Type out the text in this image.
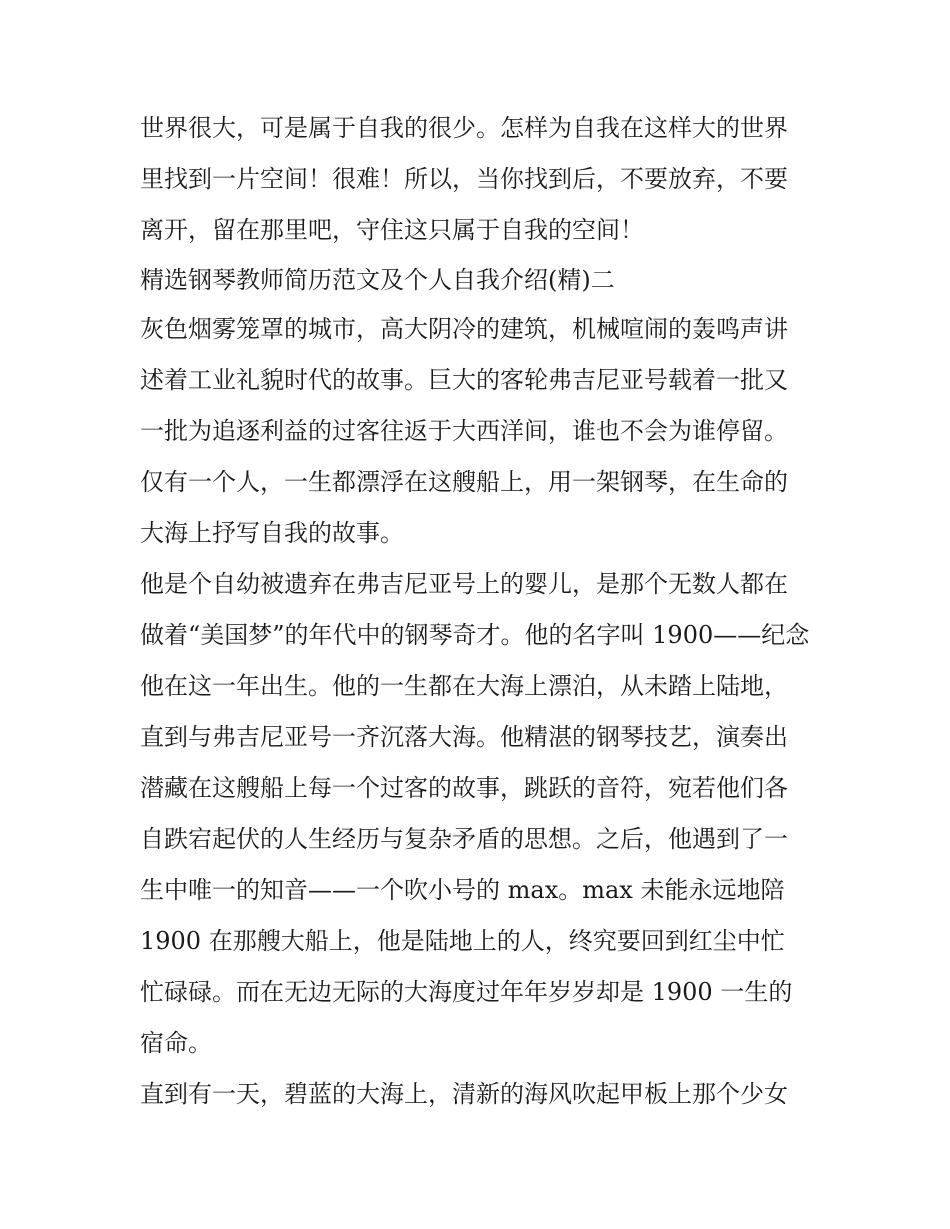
世界很大，可是属于自我的很少。怎样为自我在这样大的世界
里找到一片空间！很难！所以，当你找到后，不要放弃，不要
离开，留在那里吧，守住这只属于自我的空间！
精选钢琴教师简历范文及个人自我介绍(精)二
灰色烟雾笼罩的城市，高大阴冷的建筑，机械喧闹的轰鸣声讲
述着工业礼貌时代的故事。巨大的客轮弗吉尼亚号载着一批又
一批为追逐利益的过客往返于大西洋间，谁也不会为谁停留。
仅有一个人，一生都漂浮在这艘船上，用一架钢琴，在生命的
大海上抒写自我的故事。
他是个自幼被遗弃在弗吉尼亚号上的婴儿，是那个无数人都在
做着“美国梦”的年代中的钢琴奇才。他的名字叫 1900——纪念
他在这一年出生。他的一生都在大海上漂泊，从未踏上陆地，
直到与弗吉尼亚号一齐沉落大海。他精湛的钢琴技艺，演奏出
潜藏在这艘船上每一个过客的故事，跳跃的音符，宛若他们各
自跌宕起伏的人生经历与复杂矛盾的思想。之后，他遇到了一
生中唯一的知音——一个吹小号的 max。max 未能永远地陪
1900 在那艘大船上，他是陆地上的人，终究要回到红尘中忙
忙碌碌。而在无边无际的大海度过年年岁岁却是 1900 一生的
宿命。
直到有一天，碧蓝的大海上，清新的海风吹起甲板上那个少女
